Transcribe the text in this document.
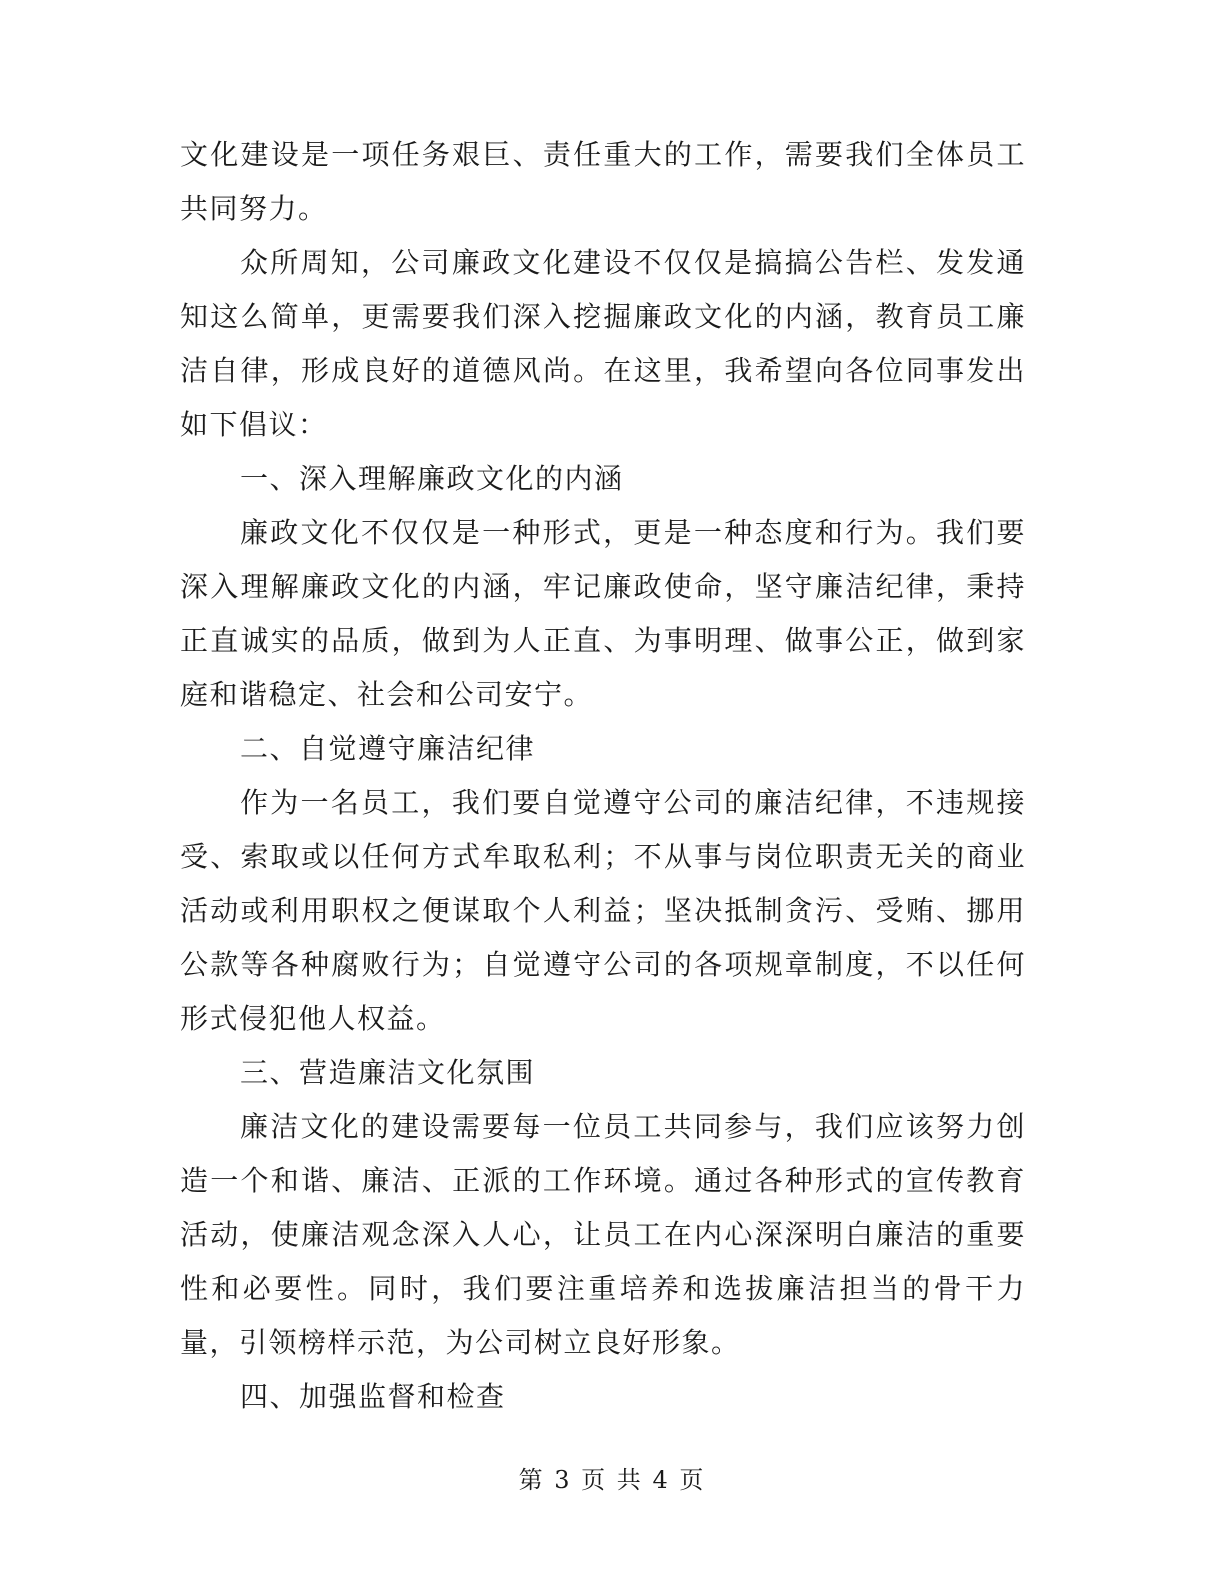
文化建设是一项任务艰巨、责任重大的工作，需要我们全体员工共同努力。

众所周知，公司廉政文化建设不仅仅是搞搞公告栏、发发通知这么简单，更需要我们深入挖掘廉政文化的内涵，教育员工廉洁自律，形成良好的道德风尚。在这里，我希望向各位同事发出如下倡议：

一、深入理解廉政文化的内涵

廉政文化不仅仅是一种形式，更是一种态度和行为。我们要深入理解廉政文化的内涵，牢记廉政使命，坚守廉洁纪律，秉持正直诚实的品质，做到为人正直、为事明理、做事公正，做到家庭和谐稳定、社会和公司安宁。

二、自觉遵守廉洁纪律

作为一名员工，我们要自觉遵守公司的廉洁纪律，不违规接受、索取或以任何方式牟取私利；不从事与岗位职责无关的商业活动或利用职权之便谋取个人利益；坚决抵制贪污、受贿、挪用公款等各种腐败行为；自觉遵守公司的各项规章制度，不以任何形式侵犯他人权益。

三、营造廉洁文化氛围

廉洁文化的建设需要每一位员工共同参与，我们应该努力创造一个和谐、廉洁、正派的工作环境。通过各种形式的宣传教育活动，使廉洁观念深入人心，让员工在内心深深明白廉洁的重要性和必要性。同时，我们要注重培养和选拔廉洁担当的骨干力量，引领榜样示范，为公司树立良好形象。

四、加强监督和检查

第 3 页 共 4 页
